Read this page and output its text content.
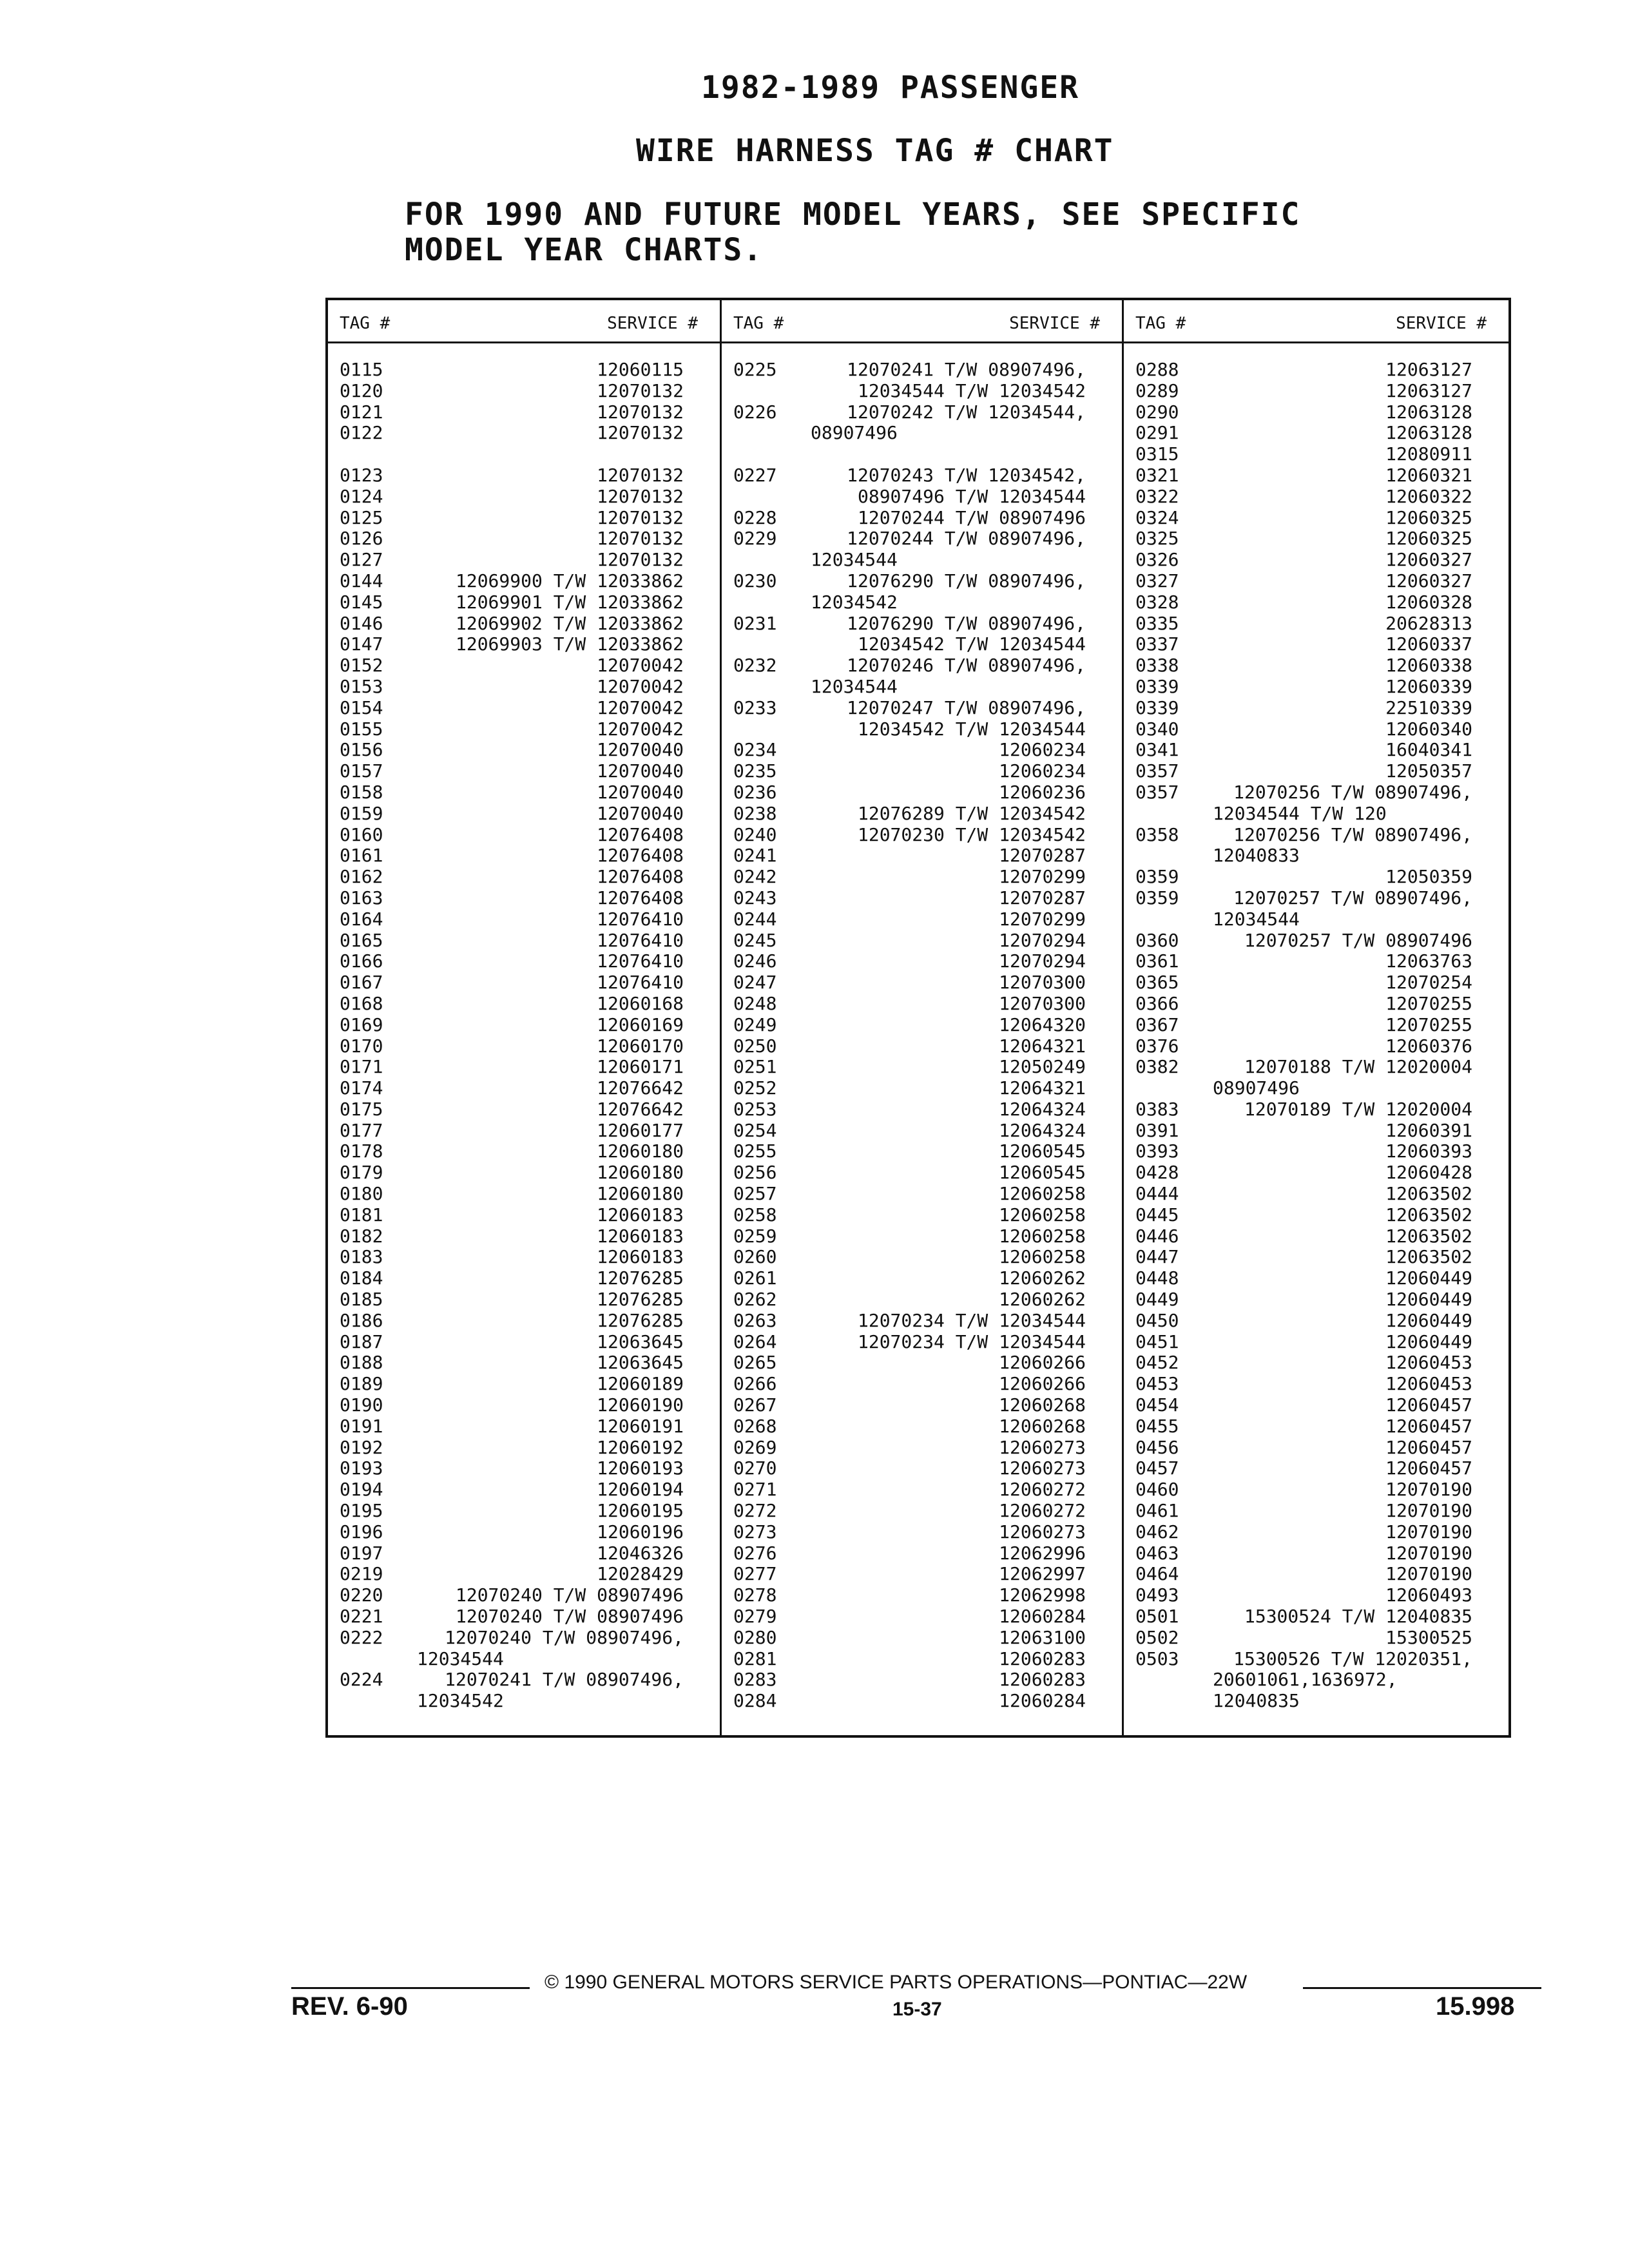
1982-1989 PASSENGER
WIRE HARNESS TAG # CHART
FOR 1990 AND FUTURE MODEL YEARS, SEE SPECIFIC
MODEL YEAR CHARTS.
TAG #	SERVICE #
0115	12060115
0120	12070132
0121	12070132
0122	12070132
0123	12070132
0124	12070132
0125	12070132
0126	12070132
0127	12070132
0144	12069900 T/W 12033862
0145	12069901 T/W 12033862
0146	12069902 T/W 12033862
0147	12069903 T/W 12033862
0152	12070042
0153	12070042
0154	12070042
0155	12070042
0156	12070040
0157	12070040
0158	12070040
0159	12070040
0160	12076408
0161	12076408
0162	12076408
0163	12076408
0164	12076410
0165	12076410
0166	12076410
0167	12076410
0168	12060168
0169	12060169
0170	12060170
0171	12060171
0174	12076642
0175	12076642
0177	12060177
0178	12060180
0179	12060180
0180	12060180
0181	12060183
0182	12060183
0183	12060183
0184	12076285
0185	12076285
0186	12076285
0187	12063645
0188	12063645
0189	12060189
0190	12060190
0191	12060191
0192	12060192
0193	12060193
0194	12060194
0195	12060195
0196	12060196
0197	12046326
0219	12028429
0220	12070240 T/W 08907496
0221	12070240 T/W 08907496
0222	12070240 T/W 08907496,
12034544
0224	12070241 T/W 08907496,
12034542
TAG #	SERVICE #
0225	12070241 T/W 08907496,
12034544 T/W 12034542
0226	12070242 T/W 12034544,
08907496
0227	12070243 T/W 12034542,
08907496 T/W 12034544
0228	12070244 T/W 08907496
0229	12070244 T/W 08907496,
12034544
0230	12076290 T/W 08907496,
12034542
0231	12076290 T/W 08907496,
12034542 T/W 12034544
0232	12070246 T/W 08907496,
12034544
0233	12070247 T/W 08907496,
12034542 T/W 12034544
0234	12060234
0235	12060234
0236	12060236
0238	12076289 T/W 12034542
0240	12070230 T/W 12034542
0241	12070287
0242	12070299
0243	12070287
0244	12070299
0245	12070294
0246	12070294
0247	12070300
0248	12070300
0249	12064320
0250	12064321
0251	12050249
0252	12064321
0253	12064324
0254	12064324
0255	12060545
0256	12060545
0257	12060258
0258	12060258
0259	12060258
0260	12060258
0261	12060262
0262	12060262
0263	12070234 T/W 12034544
0264	12070234 T/W 12034544
0265	12060266
0266	12060266
0267	12060268
0268	12060268
0269	12060273
0270	12060273
0271	12060272
0272	12060272
0273	12060273
0276	12062996
0277	12062997
0278	12062998
0279	12060284
0280	12063100
0281	12060283
0283	12060283
0284	12060284
TAG #	SERVICE #
0288	12063127
0289	12063127
0290	12063128
0291	12063128
0315	12080911
0321	12060321
0322	12060322
0324	12060325
0325	12060325
0326	12060327
0327	12060327
0328	12060328
0335	20628313
0337	12060337
0338	12060338
0339	12060339
0339	22510339
0340	12060340
0341	16040341
0357	12050357
0357	12070256 T/W 08907496,
12034544 T/W 120
0358	12070256 T/W 08907496,
12040833
0359	12050359
0359	12070257 T/W 08907496,
12034544
0360	12070257 T/W 08907496
0361	12063763
0365	12070254
0366	12070255
0367	12070255
0376	12060376
0382	12070188 T/W 12020004
08907496
0383	12070189 T/W 12020004
0391	12060391
0393	12060393
0428	12060428
0444	12063502
0445	12063502
0446	12063502
0447	12063502
0448	12060449
0449	12060449
0450	12060449
0451	12060449
0452	12060453
0453	12060453
0454	12060457
0455	12060457
0456	12060457
0457	12060457
0460	12070190
0461	12070190
0462	12070190
0463	12070190
0464	12070190
0493	12060493
0501	15300524 T/W 12040835
0502	15300525
0503	15300526 T/W 12020351,
20601061,1636972,
12040835
© 1990 GENERAL MOTORS SERVICE PARTS OPERATIONS—PONTIAC—22W
REV. 6-90	15-37	15.998
